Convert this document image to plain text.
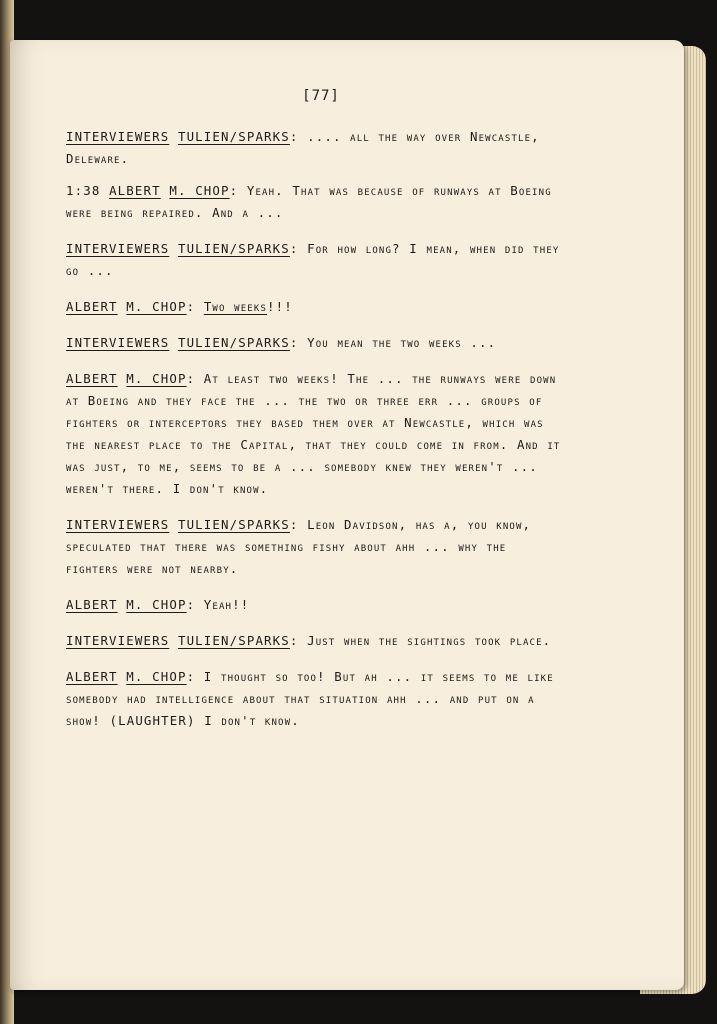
[77]

INTERVIEWERS TULIEN/SPARKS: .... all the way over Newcastle, Deleware.

1:38 ALBERT M. CHOP: Yeah. That was because of runways at Boeing were being repaired. And a ...

INTERVIEWERS TULIEN/SPARKS: For how long? I mean, when did they go ...

ALBERT M. CHOP: Two weeks!!!

INTERVIEWERS TULIEN/SPARKS: You mean the two weeks ...

ALBERT M. CHOP: At least two weeks! The ... the runways were down at Boeing and they face the ... the two or three err ... groups of fighters or interceptors they based them over at Newcastle, which was the nearest place to the Capital, that they could come in from. And it was just, to me, seems to be a ... somebody knew they weren't ... weren't there. I don't know.

INTERVIEWERS TULIEN/SPARKS: Leon Davidson, has a, you know, speculated that there was something fishy about ahh ... why the fighters were not nearby.

ALBERT M. CHOP: Yeah!!

INTERVIEWERS TULIEN/SPARKS: Just when the sightings took place.

ALBERT M. CHOP: I thought so too! But ah ... it seems to me like somebody had intelligence about that situation ahh ... and put on a show! (LAUGHTER) I don't know.
